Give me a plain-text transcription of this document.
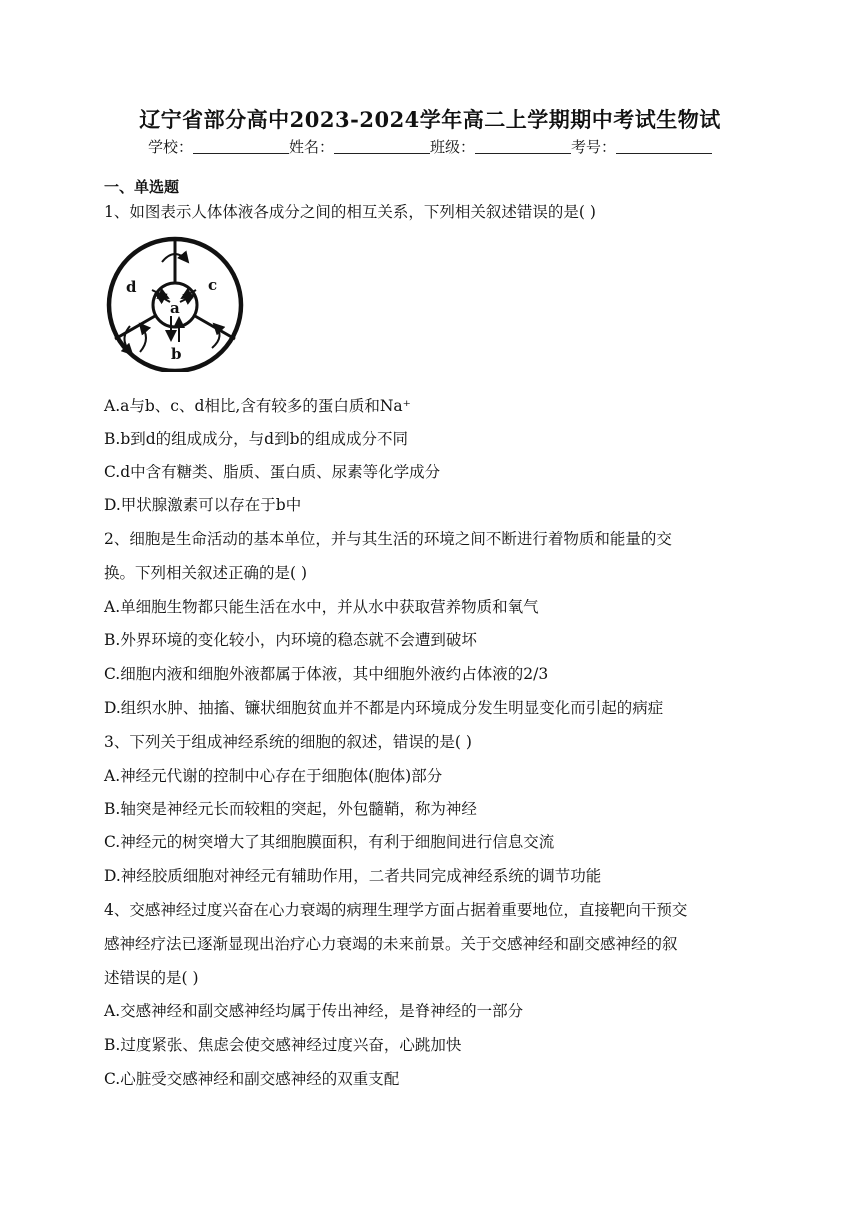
辽宁省部分高中2023-2024学年高二上学期期中考试生物试
学校：	姓名：	班级：	考号：
一、单选题
1、如图表示人体体液各成分之间的相互关系，下列相关叙述错误的是( )
a
b
c
d
A.a与b、c、d相比,含有较多的蛋白质和Na⁺
B.b到d的组成成分，与d到b的组成成分不同
C.d中含有糖类、脂质、蛋白质、尿素等化学成分
D.甲状腺激素可以存在于b中
2、细胞是生命活动的基本单位，并与其生活的环境之间不断进行着物质和能量的交
换。下列相关叙述正确的是( )
A.单细胞生物都只能生活在水中，并从水中获取营养物质和氧气
B.外界环境的变化较小，内环境的稳态就不会遭到破坏
C.细胞内液和细胞外液都属于体液，其中细胞外液约占体液的2/3
D.组织水肿、抽搐、镰状细胞贫血并不都是内环境成分发生明显变化而引起的病症
3、下列关于组成神经系统的细胞的叙述，错误的是( )
A.神经元代谢的控制中心存在于细胞体(胞体)部分
B.轴突是神经元长而较粗的突起，外包髓鞘，称为神经
C.神经元的树突增大了其细胞膜面积，有利于细胞间进行信息交流
D.神经胶质细胞对神经元有辅助作用，二者共同完成神经系统的调节功能
4、交感神经过度兴奋在心力衰竭的病理生理学方面占据着重要地位，直接靶向干预交
感神经疗法已逐渐显现出治疗心力衰竭的未来前景。关于交感神经和副交感神经的叙
述错误的是( )
A.交感神经和副交感神经均属于传出神经，是脊神经的一部分
B.过度紧张、焦虑会使交感神经过度兴奋，心跳加快
C.心脏受交感神经和副交感神经的双重支配
